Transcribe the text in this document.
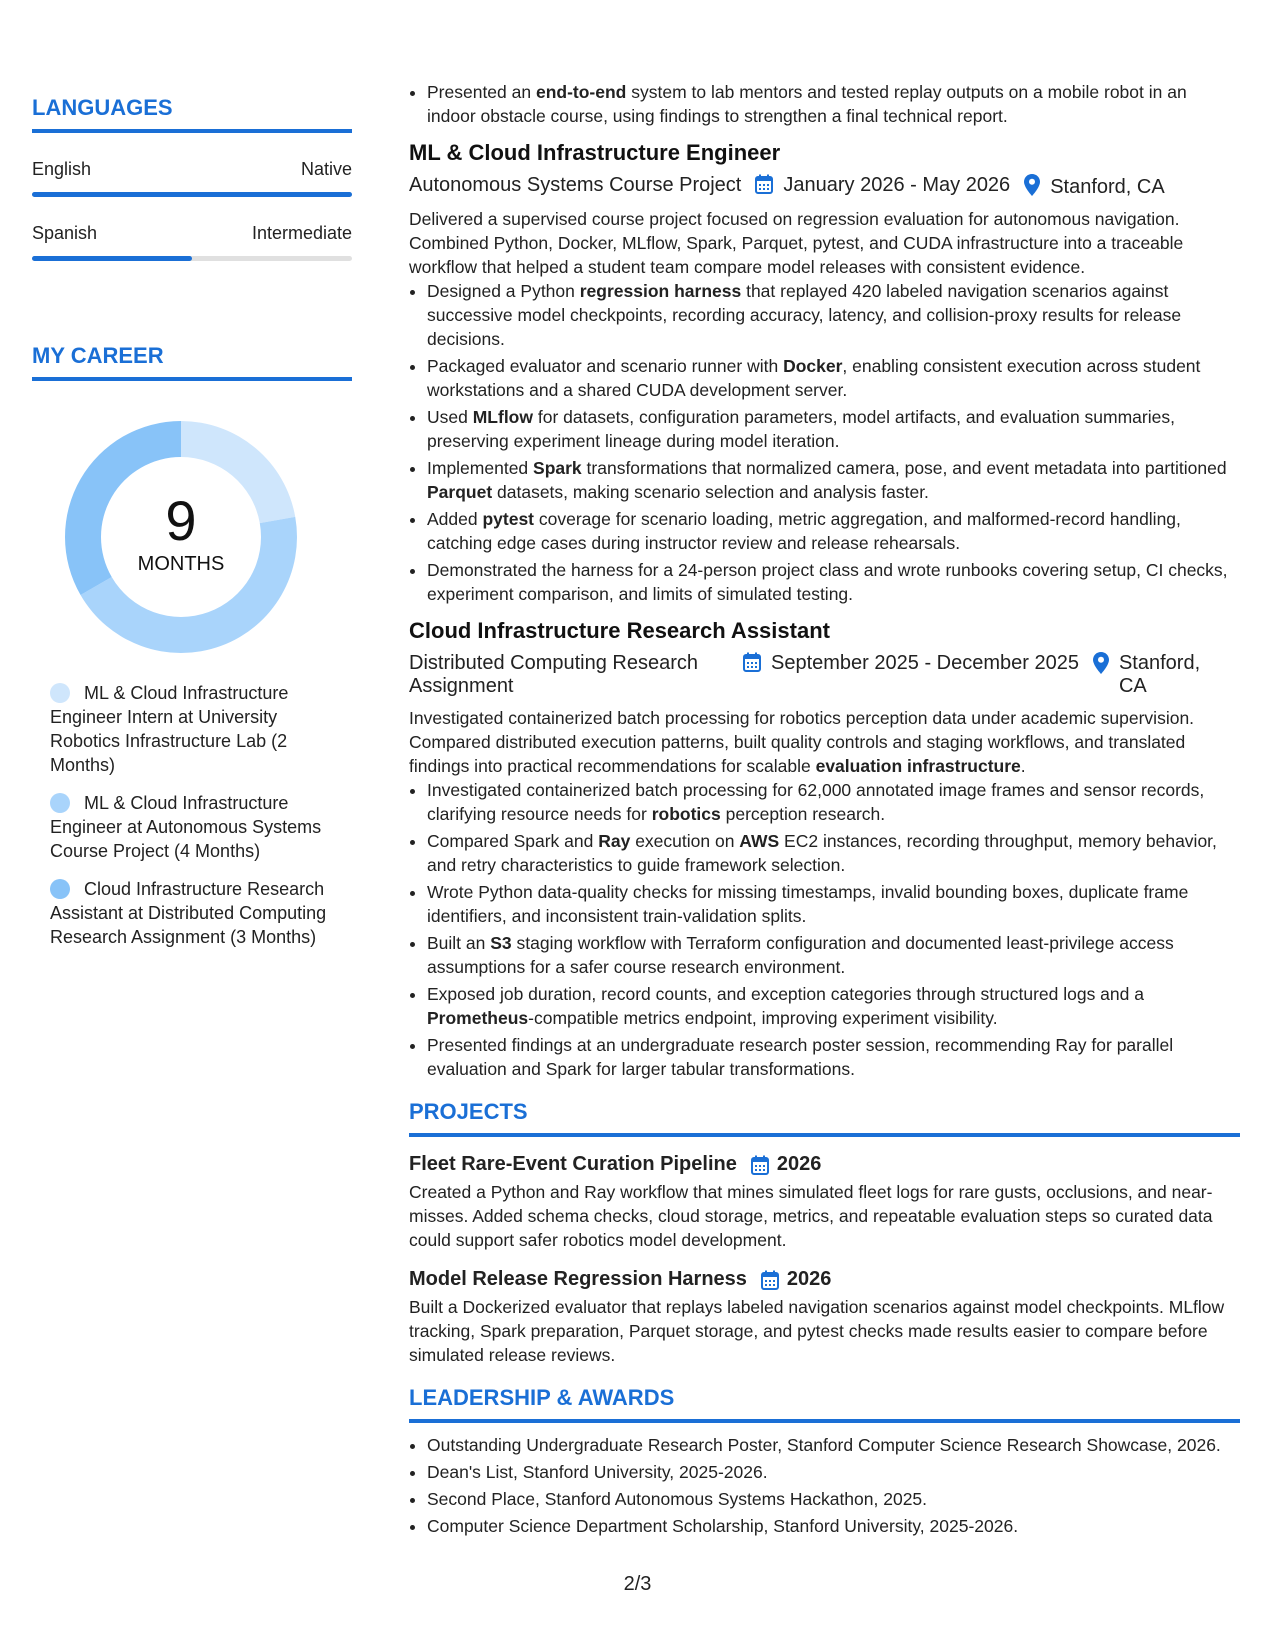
LANGUAGES
English	Native
Spanish	Intermediate
MY CAREER
9
MONTHS
ML & Cloud Infrastructure Engineer Intern at University Robotics Infrastructure Lab (2 Months)
ML & Cloud Infrastructure Engineer at Autonomous Systems Course Project (4 Months)
Cloud Infrastructure Research Assistant at Distributed Computing Research Assignment (3 Months)
• Presented an end-to-end system to lab mentors and tested replay outputs on a mobile robot in an indoor obstacle course, using findings to strengthen a final technical report.
ML & Cloud Infrastructure Engineer
Autonomous Systems Course Project	January 2026 - May 2026	Stanford, CA
Delivered a supervised course project focused on regression evaluation for autonomous navigation. Combined Python, Docker, MLflow, Spark, Parquet, pytest, and CUDA infrastructure into a traceable workflow that helped a student team compare model releases with consistent evidence.
• Designed a Python regression harness that replayed 420 labeled navigation scenarios against successive model checkpoints, recording accuracy, latency, and collision-proxy results for release decisions.
• Packaged evaluator and scenario runner with Docker, enabling consistent execution across student workstations and a shared CUDA development server.
• Used MLflow for datasets, configuration parameters, model artifacts, and evaluation summaries, preserving experiment lineage during model iteration.
• Implemented Spark transformations that normalized camera, pose, and event metadata into partitioned Parquet datasets, making scenario selection and analysis faster.
• Added pytest coverage for scenario loading, metric aggregation, and malformed-record handling, catching edge cases during instructor review and release rehearsals.
• Demonstrated the harness for a 24-person project class and wrote runbooks covering setup, CI checks, experiment comparison, and limits of simulated testing.
Cloud Infrastructure Research Assistant
Distributed Computing Research Assignment
September 2025 - December 2025 Stanford, CA
Investigated containerized batch processing for robotics perception data under academic supervision. Compared distributed execution patterns, built quality controls and staging workflows, and translated findings into practical recommendations for scalable evaluation infrastructure.
• Investigated containerized batch processing for 62,000 annotated image frames and sensor records, clarifying resource needs for robotics perception research.
• Compared Spark and Ray execution on AWS EC2 instances, recording throughput, memory behavior, and retry characteristics to guide framework selection.
• Wrote Python data-quality checks for missing timestamps, invalid bounding boxes, duplicate frame identifiers, and inconsistent train-validation splits.
• Built an S3 staging workflow with Terraform configuration and documented least-privilege access assumptions for a safer course research environment.
• Exposed job duration, record counts, and exception categories through structured logs and a Prometheus-compatible metrics endpoint, improving experiment visibility.
• Presented findings at an undergraduate research poster session, recommending Ray for parallel evaluation and Spark for larger tabular transformations.
PROJECTS
Fleet Rare-Event Curation Pipeline 2026
Created a Python and Ray workflow that mines simulated fleet logs for rare gusts, occlusions, and near-misses. Added schema checks, cloud storage, metrics, and repeatable evaluation steps so curated data could support safer robotics model development.
Model Release Regression Harness 2026
Built a Dockerized evaluator that replays labeled navigation scenarios against model checkpoints. MLflow tracking, Spark preparation, Parquet storage, and pytest checks made results easier to compare before simulated release reviews.
LEADERSHIP & AWARDS
• Outstanding Undergraduate Research Poster, Stanford Computer Science Research Showcase, 2026.
• Dean's List, Stanford University, 2025-2026.
• Second Place, Stanford Autonomous Systems Hackathon, 2025.
• Computer Science Department Scholarship, Stanford University, 2025-2026.
2/3
